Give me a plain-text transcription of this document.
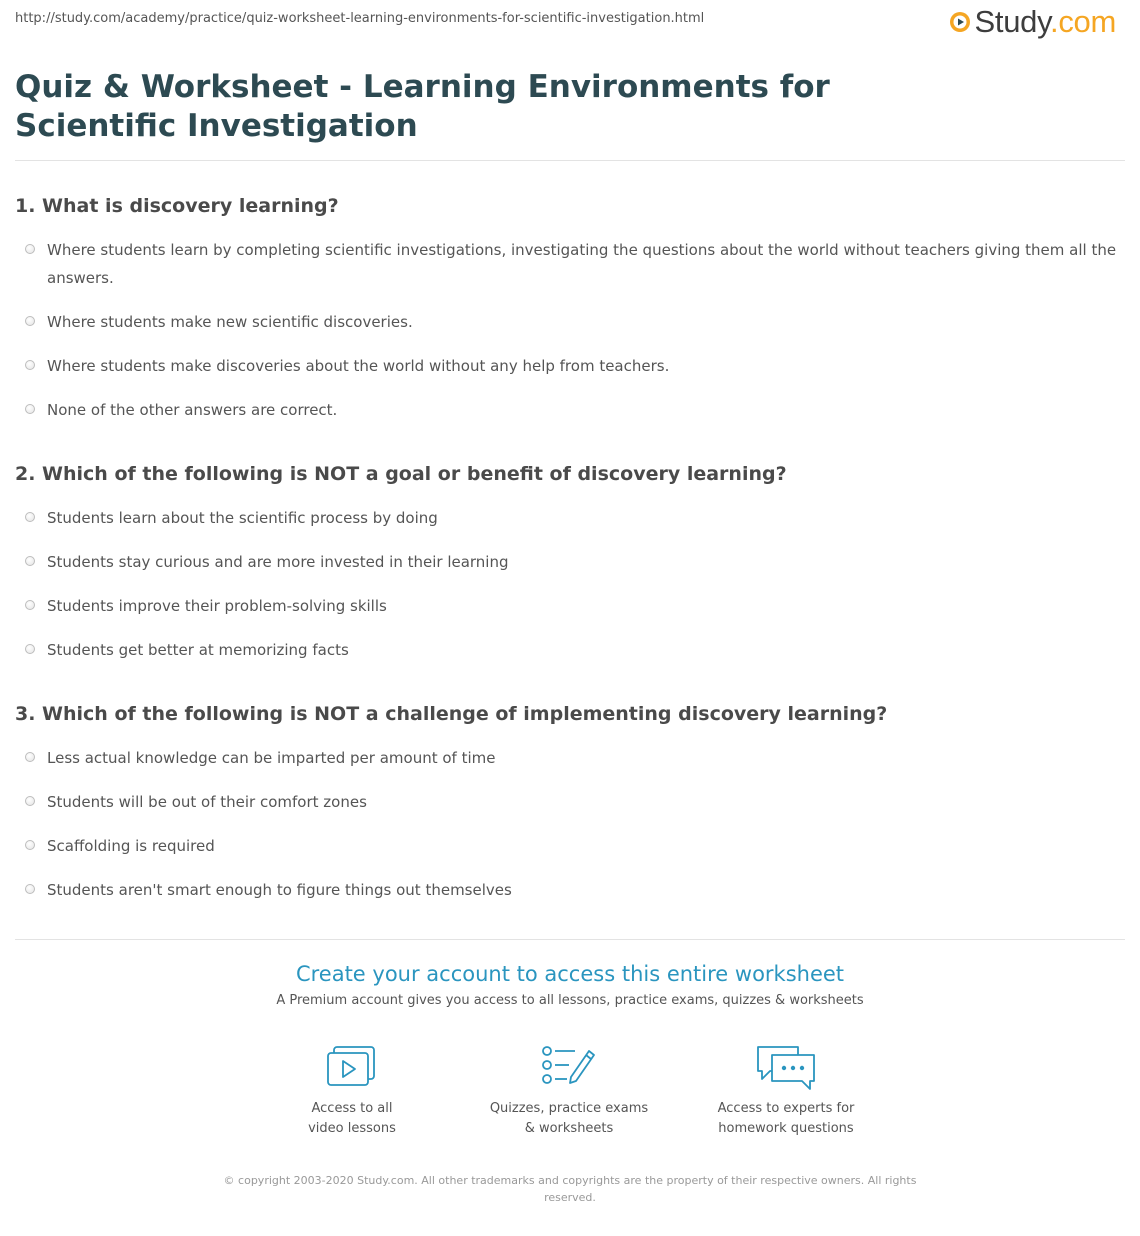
http://study.com/academy/practice/quiz-worksheet-learning-environments-for-scientific-investigation.html	Study.com
Quiz & Worksheet - Learning Environments for Scientific Investigation
1. What is discovery learning?
Where students learn by completing scientific investigations, investigating the questions about the world without teachers giving them all the answers.
Where students make new scientific discoveries.
Where students make discoveries about the world without any help from teachers.
None of the other answers are correct.
2. Which of the following is NOT a goal or benefit of discovery learning?
Students learn about the scientific process by doing
Students stay curious and are more invested in their learning
Students improve their problem-solving skills
Students get better at memorizing facts
3. Which of the following is NOT a challenge of implementing discovery learning?
Less actual knowledge can be imparted per amount of time
Students will be out of their comfort zones
Scaffolding is required
Students aren't smart enough to figure things out themselves
Create your account to access this entire worksheet
A Premium account gives you access to all lessons, practice exams, quizzes & worksheets
Access to all
video lessons
Quizzes, practice exams
& worksheets
Access to experts for
homework questions
© copyright 2003-2020 Study.com. All other trademarks and copyrights are the property of their respective owners. All rights reserved.
